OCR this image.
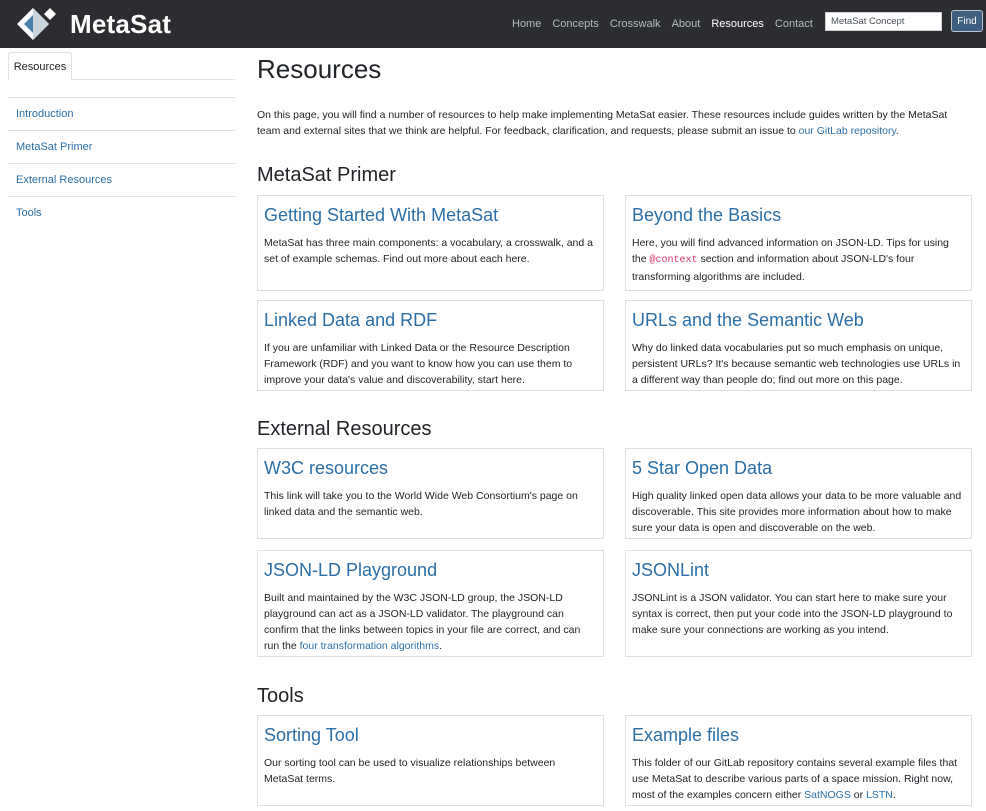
MetaSat	Home Concepts Crosswalk About Resources Contact
MetaSat Concept	Find
Resources
Introduction
MetaSat Primer
External Resources
Tools
Resources

On this page, you will find a number of resources to help make implementing MetaSat easier. These resources include guides written by the MetaSat team and external sites that we think are helpful. For feedback, clarification, and requests, please submit an issue to our GitLab repository.

MetaSat Primer
Getting Started With MetaSat
MetaSat has three main components: a vocabulary, a crosswalk, and a set of example schemas. Find out more about each here.
Beyond the Basics
Here, you will find advanced information on JSON-LD. Tips for using the @context section and information about JSON-LD's four transforming algorithms are included.
Linked Data and RDF
If you are unfamiliar with Linked Data or the Resource Description Framework (RDF) and you want to know how you can use them to improve your data's value and discoverability, start here.
URLs and the Semantic Web
Why do linked data vocabularies put so much emphasis on unique, persistent URLs? It's because semantic web technologies use URLs in a different way than people do; find out more on this page.
External Resources
W3C resources
This link will take you to the World Wide Web Consortium's page on linked data and the semantic web.
5 Star Open Data
High quality linked open data allows your data to be more valuable and discoverable. This site provides more information about how to make sure your data is open and discoverable on the web.
JSON-LD Playground
Built and maintained by the W3C JSON-LD group, the JSON-LD playground can act as a JSON-LD validator. The playground can confirm that the links between topics in your file are correct, and can run the four transformation algorithms.
JSONLint
JSONLint is a JSON validator. You can start here to make sure your syntax is correct, then put your code into the JSON-LD playground to make sure your connections are working as you intend.
Tools
Sorting Tool
Our sorting tool can be used to visualize relationships between MetaSat terms.
Example files
This folder of our GitLab repository contains several example files that use MetaSat to describe various parts of a space mission. Right now, most of the examples concern either SatNOGS or LSTN.
